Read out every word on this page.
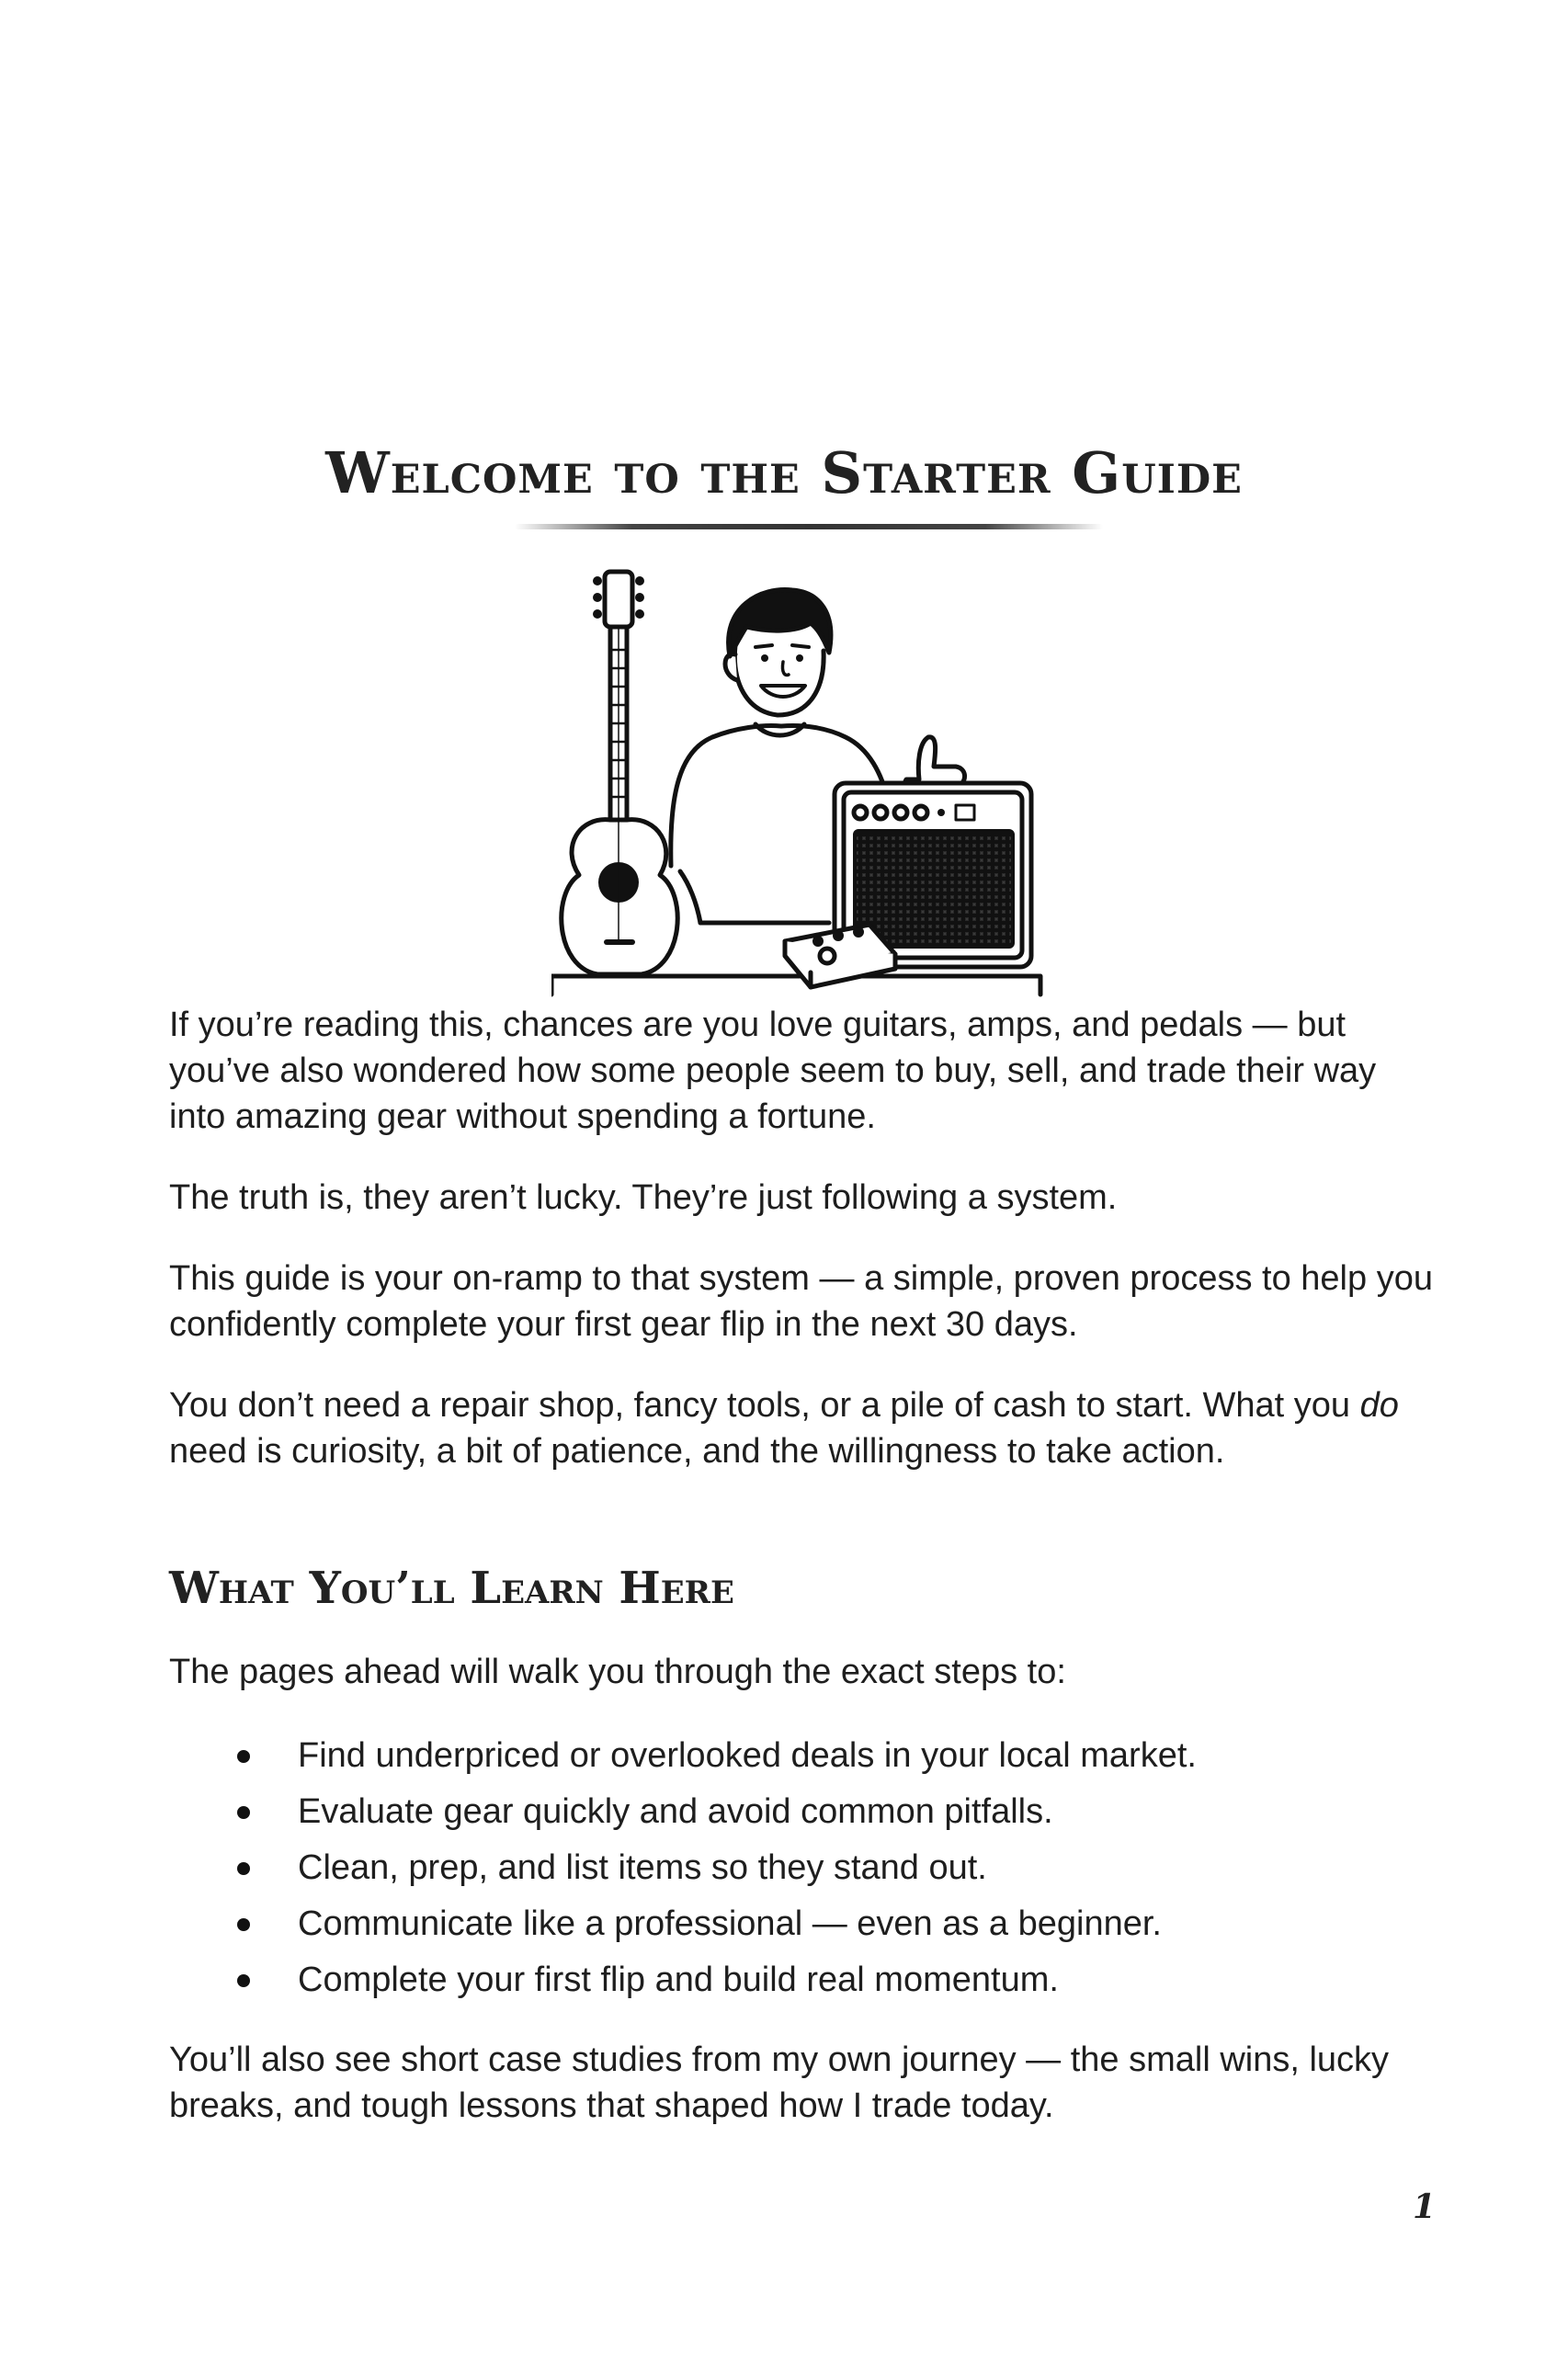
Welcome to the Starter Guide

If you’re reading this, chances are you love guitars, amps, and pedals — but you’ve also wondered how some people seem to buy, sell, and trade their way into amazing gear without spending a fortune.

The truth is, they aren’t lucky. They’re just following a system.

This guide is your on-ramp to that system — a simple, proven process to help you confidently complete your first gear flip in the next 30 days.

You don’t need a repair shop, fancy tools, or a pile of cash to start. What you do need is curiosity, a bit of patience, and the willingness to take action.

What You’ll Learn Here

The pages ahead will walk you through the exact steps to:

Find underpriced or overlooked deals in your local market.
Evaluate gear quickly and avoid common pitfalls.
Clean, prep, and list items so they stand out.
Communicate like a professional — even as a beginner.
Complete your first flip and build real momentum.

You’ll also see short case studies from my own journey — the small wins, lucky breaks, and tough lessons that shaped how I trade today.

1
